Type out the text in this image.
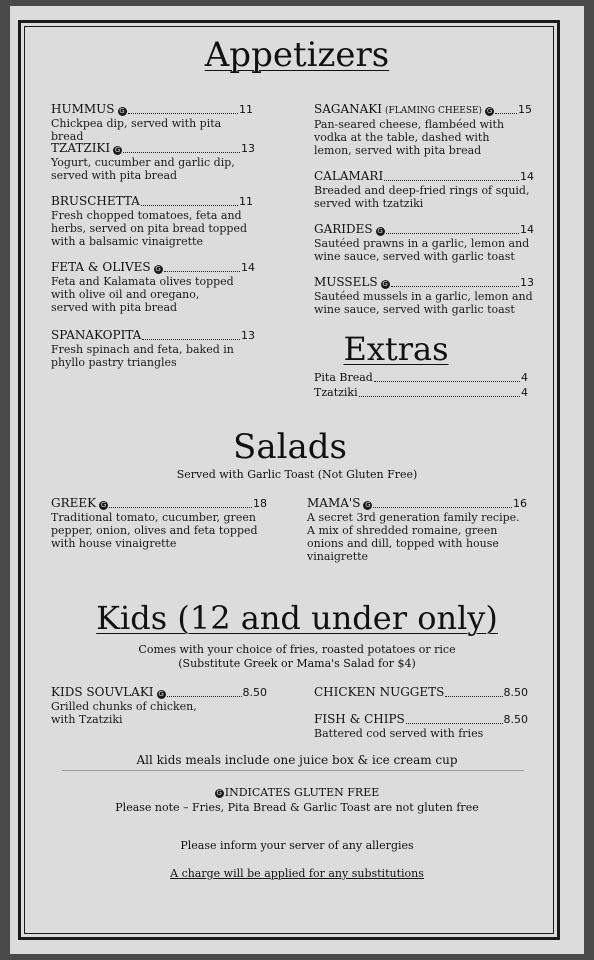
Appetizers
HUMMUS G	11
Chickpea dip, served with pita bread
TZATZIKI G	13
Yogurt, cucumber and garlic dip,
served with pita bread
BRUSCHETTA	11
Fresh chopped tomatoes, feta and
herbs, served on pita bread topped
with a balsamic vinaigrette
FETA & OLIVES G	14
Feta and Kalamata olives topped
with olive oil and oregano,
served with pita bread
SPANAKOPITA	13
Fresh spinach and feta, baked in
phyllo pastry triangles
SAGANAKI (FLAMING CHEESE) G 15
Pan-seared cheese, flambéed with
vodka at the table, dashed with
lemon, served with pita bread
CALAMARI	14
Breaded and deep-fried rings of squid,
served with tzatziki
GARIDES G	14
Sautéed prawns in a garlic, lemon and
wine sauce, served with garlic toast
MUSSELS G	13
Sautéed mussels in a garlic, lemon and
wine sauce, served with garlic toast
Extras
Pita Bread	4
Tzatziki	4
Salads
Served with Garlic Toast (Not Gluten Free)
GREEK G	18
Traditional tomato, cucumber, green
pepper, onion, olives and feta topped
with house vinaigrette
MAMA'S G	16
A secret 3rd generation family recipe.
A mix of shredded romaine, green
onions and dill, topped with house
vinaigrette
Kids (12 and under only)
Comes with your choice of fries, roasted potatoes or rice
(Substitute Greek or Mama's Salad for $4)
KIDS SOUVLAKI G	8.50
Grilled chunks of chicken,
with Tzatziki
CHICKEN NUGGETS	8.50
FISH & CHIPS	8.50
Battered cod served with fries
All kids meals include one juice box & ice cream cup
G INDICATES GLUTEN FREE
Please note – Fries, Pita Bread & Garlic Toast are not gluten free
Please inform your server of any allergies
A charge will be applied for any substitutions
